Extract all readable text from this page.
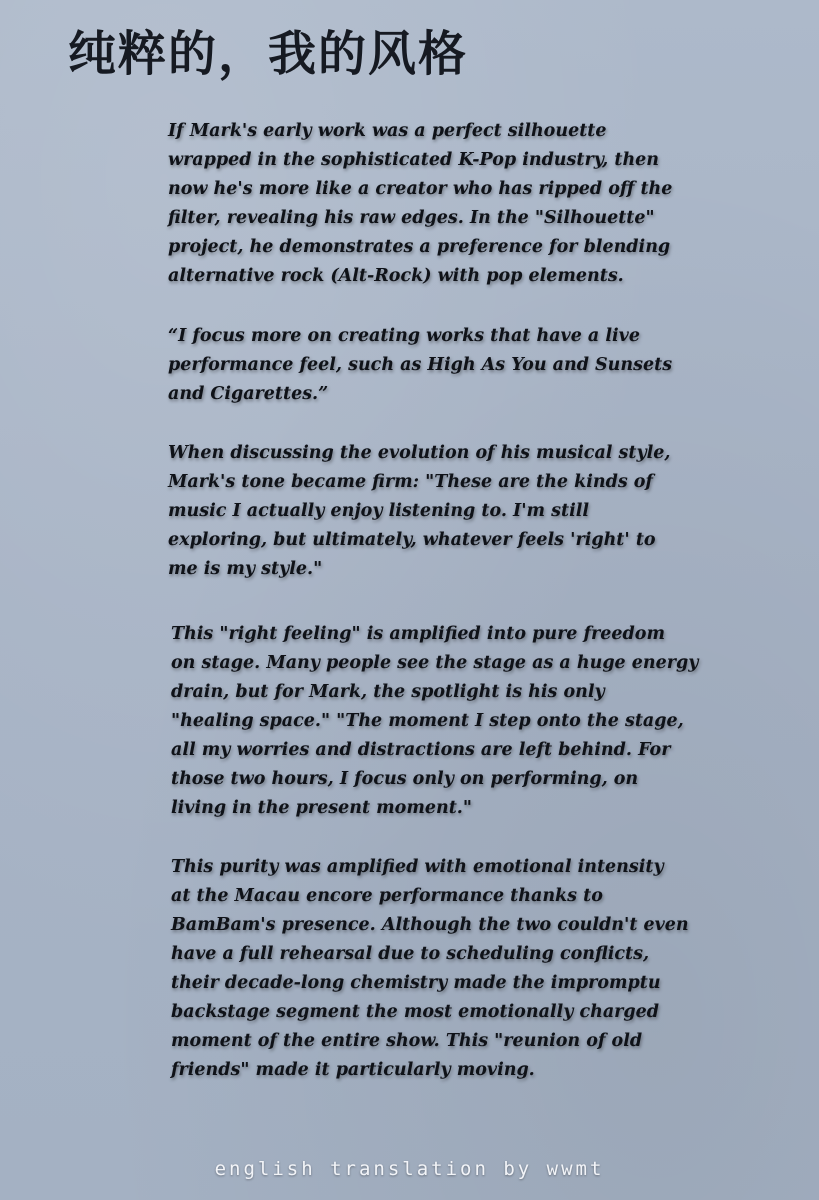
纯粹的，我的风格

If Mark's early work was a perfect silhouette
wrapped in the sophisticated K-Pop industry, then
now he's more like a creator who has ripped off the
filter, revealing his raw edges. In the "Silhouette"
project, he demonstrates a preference for blending
alternative rock (Alt-Rock) with pop elements.

“I focus more on creating works that have a live
performance feel, such as High As You and Sunsets
and Cigarettes.”

When discussing the evolution of his musical style,
Mark's tone became firm: "These are the kinds of
music I actually enjoy listening to. I'm still
exploring, but ultimately, whatever feels 'right' to
me is my style."

This "right feeling" is amplified into pure freedom
on stage. Many people see the stage as a huge energy
drain, but for Mark, the spotlight is his only
"healing space." "The moment I step onto the stage,
all my worries and distractions are left behind. For
those two hours, I focus only on performing, on
living in the present moment."

This purity was amplified with emotional intensity
at the Macau encore performance thanks to
BamBam's presence. Although the two couldn't even
have a full rehearsal due to scheduling conflicts,
their decade-long chemistry made the impromptu
backstage segment the most emotionally charged
moment of the entire show. This "reunion of old
friends" made it particularly moving.

english translation by wwmt
